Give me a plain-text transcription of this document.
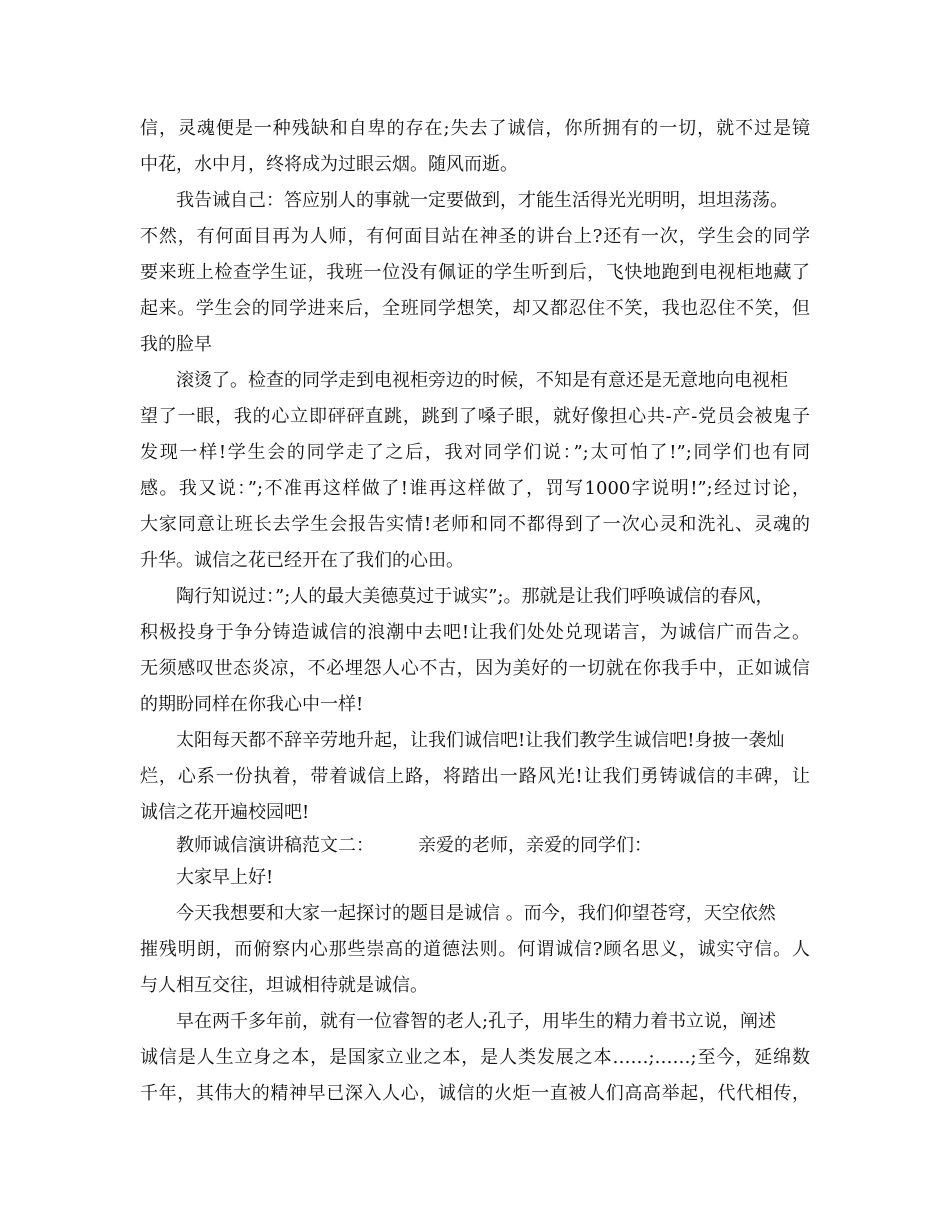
信，灵魂便是一种残缺和自卑的存在;失去了诚信，你所拥有的一切，就不过是镜

中花，水中月，终将成为过眼云烟。随风而逝。

我告诫自己：答应别人的事就一定要做到，才能生活得光光明明，坦坦荡荡。

不然，有何面目再为人师，有何面目站在神圣的讲台上?还有一次，学生会的同学

要来班上检查学生证，我班一位没有佩证的学生听到后，飞快地跑到电视柜地藏了

起来。学生会的同学进来后，全班同学想笑，却又都忍住不笑，我也忍住不笑，但

我的脸早

滚烫了。检查的同学走到电视柜旁边的时候，不知是有意还是无意地向电视柜

望了一眼，我的心立即砰砰直跳，跳到了嗓子眼，就好像担心共-产-党员会被鬼子

发现一样!学生会的同学走了之后，我对同学们说：”;太可怕了!”;同学们也有同

感。我又说：”;不准再这样做了!谁再这样做了，罚写1000字说明!”;经过讨论，

大家同意让班长去学生会报告实情!老师和同不都得到了一次心灵和洗礼、灵魂的

升华。诚信之花已经开在了我们的心田。

陶行知说过：”;人的最大美德莫过于诚实”;。那就是让我们呼唤诚信的春风，

积极投身于争分铸造诚信的浪潮中去吧!让我们处处兑现诺言，为诚信广而告之。

无须感叹世态炎凉，不必埋怨人心不古，因为美好的一切就在你我手中，正如诚信

的期盼同样在你我心中一样!

太阳每天都不辞辛劳地升起，让我们诚信吧!让我们教学生诚信吧!身披一袭灿

烂，心系一份执着，带着诚信上路，将踏出一路风光!让我们勇铸诚信的丰碑，让

诚信之花开遍校园吧!

教师诚信演讲稿范文二： 亲爱的老师，亲爱的同学们：

大家早上好!

今天我想要和大家一起探讨的题目是诚信 。而今，我们仰望苍穹，天空依然

摧残明朗，而俯察内心那些崇高的道德法则。何谓诚信?顾名思义，诚实守信。人

与人相互交往，坦诚相待就是诚信。

早在两千多年前，就有一位睿智的老人;孔子，用毕生的精力着书立说，阐述

诚信是人生立身之本，是国家立业之本，是人类发展之本……;……;至今，延绵数

千年，其伟大的精神早已深入人心，诚信的火炬一直被人们高高举起，代代相传，
